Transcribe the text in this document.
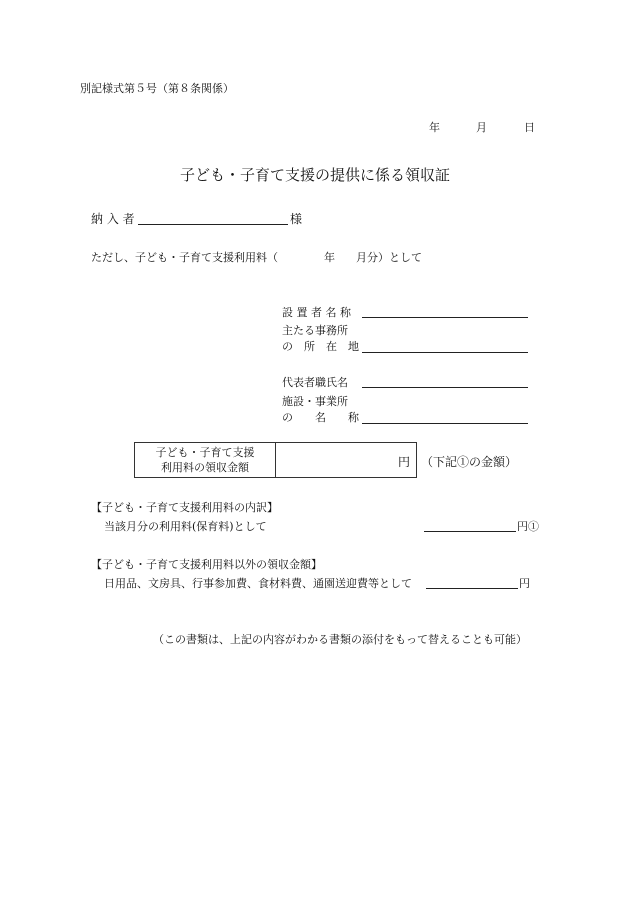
別記様式第５号（第８条関係）
年	月	日
子ども・子育て支援の提供に係る領収証
納 入 者	様
ただし、子ども・子育て支援利用料（	年 月分）として
設 置 者 名 称
主たる事務所
の　所　在　地
代表者職氏名
施設・事業所
の　　名　　称
子ども・子育て支援
利用料の領収金額	円 （下記①の金額）
【子ども・子育て支援利用料の内訳】
当該月分の利用料(保育料)として	円①
【子ども・子育て支援利用料以外の領収金額】
日用品、文房具、行事参加費、食材料費、通園送迎費等として	円
（この書類は、上記の内容がわかる書類の添付をもって替えることも可能）
